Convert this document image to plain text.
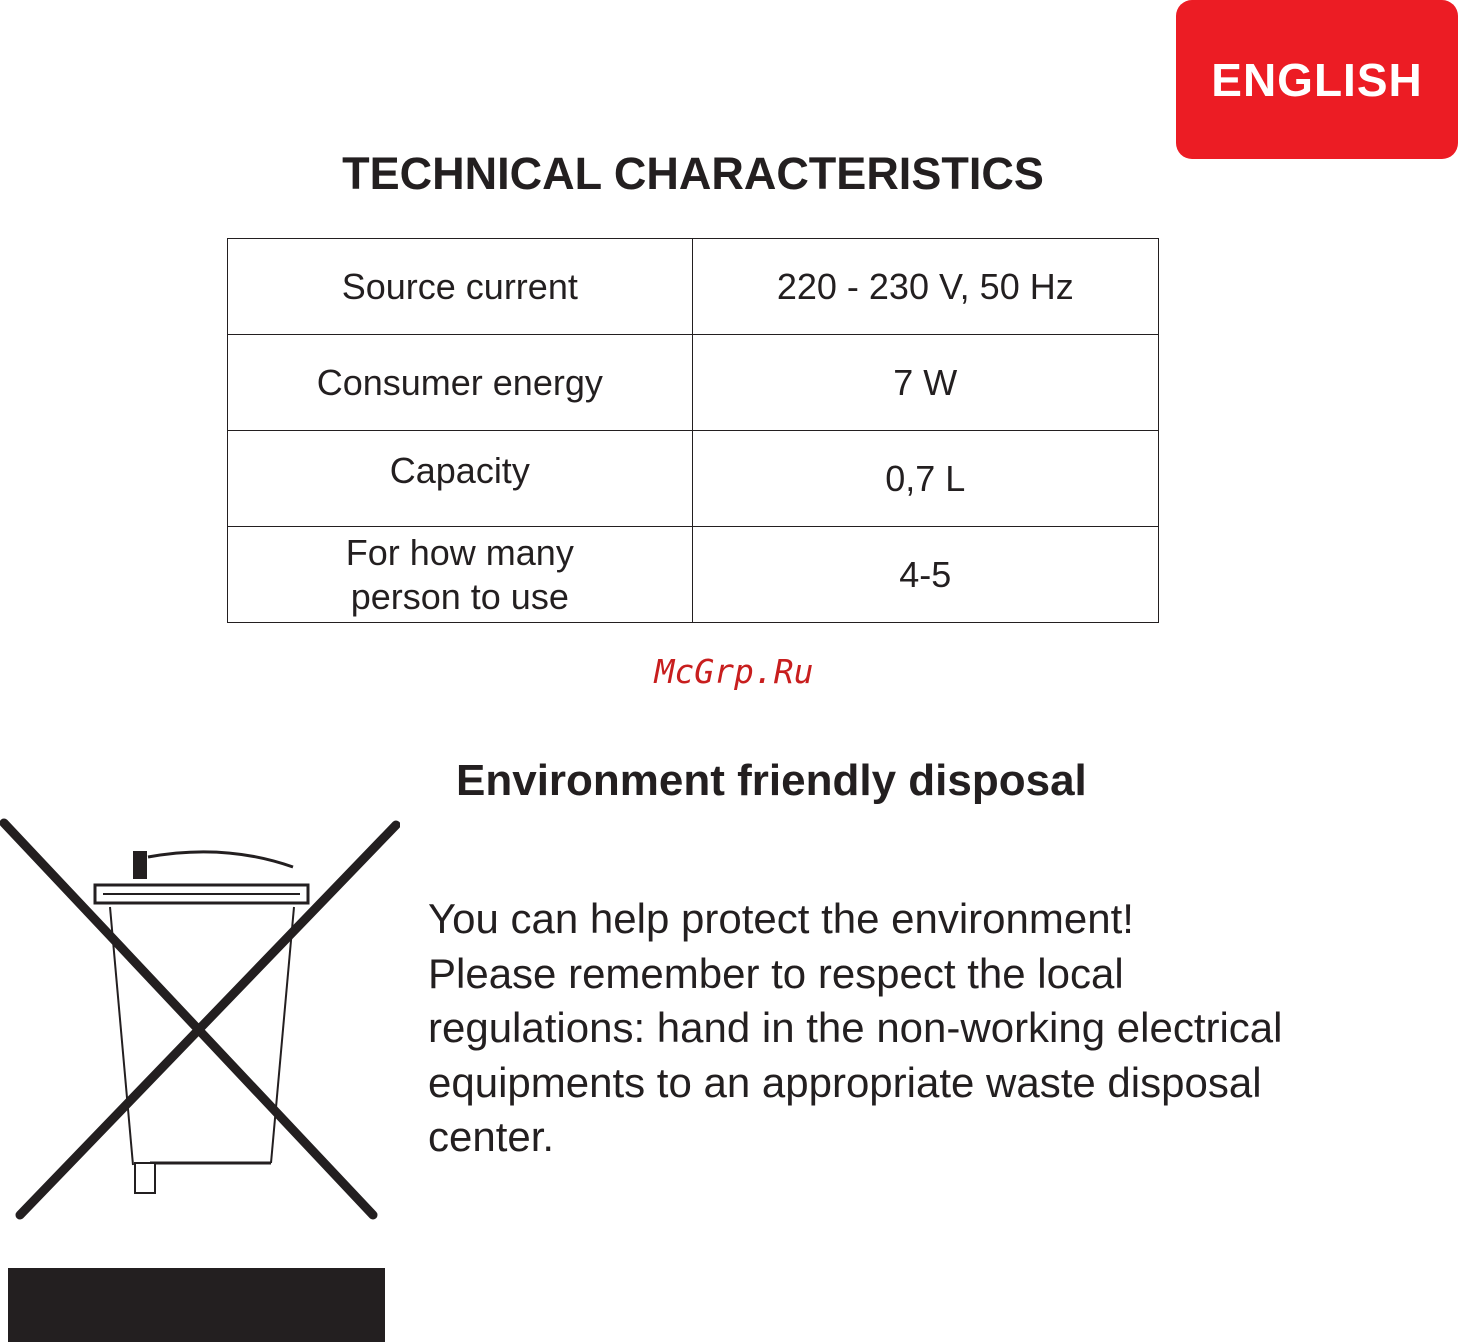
ENGLISH
TECHNICAL CHARACTERISTICS
Source current	220 - 230 V, 50 Hz
Consumer energy	7 W
Capacity	0,7 L

For how many
person to use	4-5
McGrp.Ru
Environment friendly disposal
You can help protect the environment!
Please remember to respect the local
regulations: hand in the non-working electrical
equipments to an appropriate waste disposal
center.
